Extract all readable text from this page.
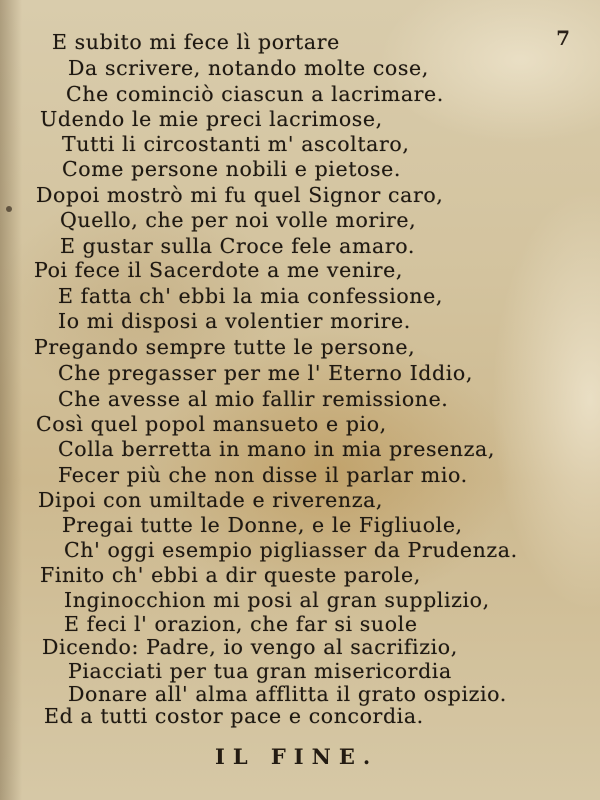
7
E subito mi fece lì portare
Da scrivere, notando molte cose,
Che cominciò ciascun a lacrimare.
Udendo le mie preci lacrimose,
Tutti li circostanti m' ascoltaro,
Come persone nobili e pietose.
Dopoi mostrò mi fu quel Signor caro,
Quello, che per noi volle morire,
E gustar sulla Croce fele amaro.
Poi fece il Sacerdote a me venire,
E fatta ch' ebbi la mia confessione,
Io mi disposi a volentier morire.
Pregando sempre tutte le persone,
Che pregasser per me l' Eterno Iddio,
Che avesse al mio fallir remissione.
Così quel popol mansueto e pio,
Colla berretta in mano in mia presenza,
Fecer più che non disse il parlar mio.
Dipoi con umiltade e riverenza,
Pregai tutte le Donne, e le Figliuole,
Ch' oggi esempio pigliasser da Prudenza.
Finito ch' ebbi a dir queste parole,
Inginocchion mi posi al gran supplizio,
E feci l' orazion, che far si suole
Dicendo: Padre, io vengo al sacrifizio,
Piacciati per tua gran misericordia
Donare all' alma afflitta il grato ospizio.
Ed a tutti costor pace e concordia.
IL FINE.
